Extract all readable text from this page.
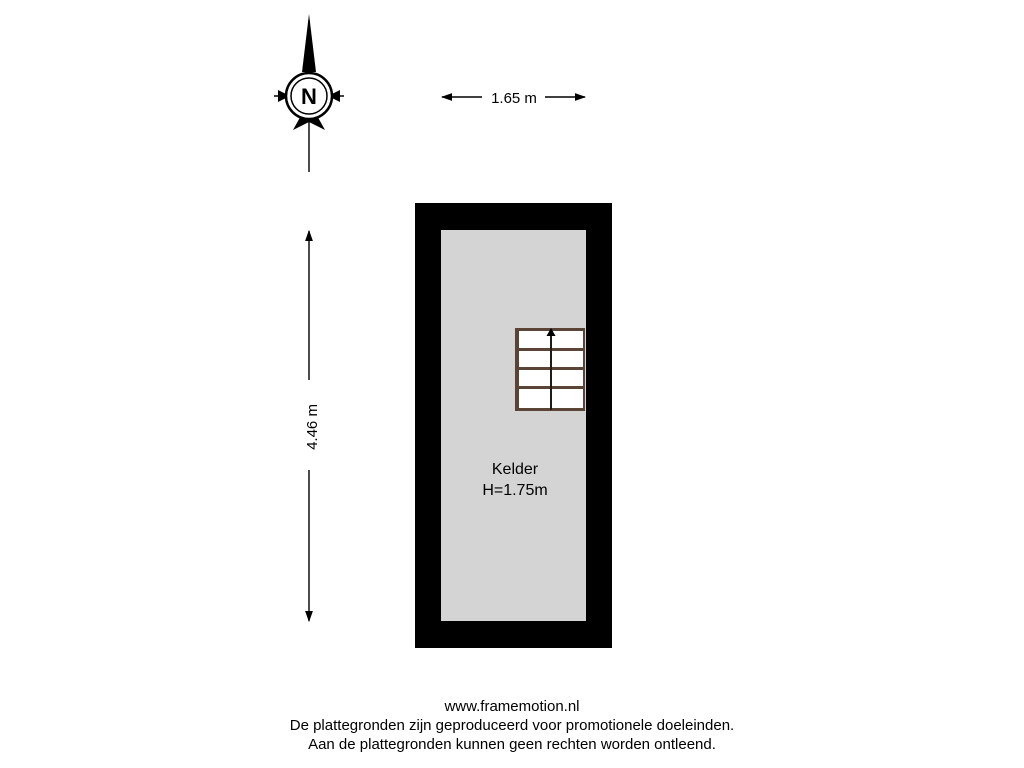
N	1.65 m
4.46 m
Kelder
H=1.75m
www.framemotion.nl
De plattegronden zijn geproduceerd voor promotionele doeleinden.
Aan de plattegronden kunnen geen rechten worden ontleend.
